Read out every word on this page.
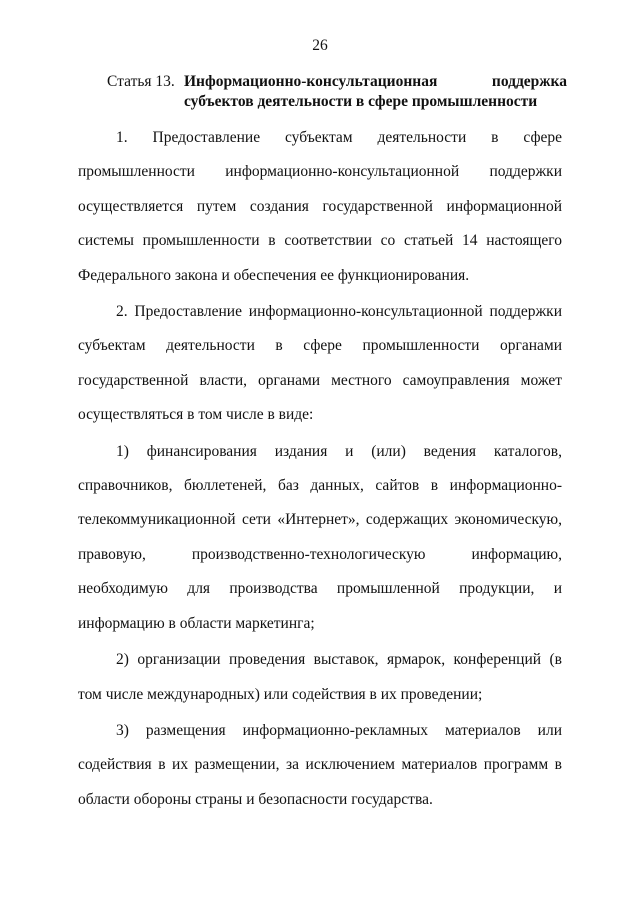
26
Статья 13. Информационно-консультационная поддержка субъектов деятельности в сфере промышленности

1. Предоставление субъектам деятельности в сфере промышленности информационно-консультационной поддержки осуществляется путем создания государственной информационной системы промышленности в соответствии со статьей 14 настоящего Федерального закона и обеспечения ее функционирования.

2. Предоставление информационно-консультационной поддержки субъектам деятельности в сфере промышленности органами государственной власти, органами местного самоуправления может осуществляться в том числе в виде:

1) финансирования издания и (или) ведения каталогов, справочников, бюллетеней, баз данных, сайтов в информационно-телекоммуникационной сети «Интернет», содержащих экономическую, правовую, производственно-технологическую информацию, необходимую для производства промышленной продукции, и информацию в области маркетинга;

2) организации проведения выставок, ярмарок, конференций (в том числе международных) или содействия в их проведении;

3) размещения информационно-рекламных материалов или содействия в их размещении, за исключением материалов программ в области обороны страны и безопасности государства.
